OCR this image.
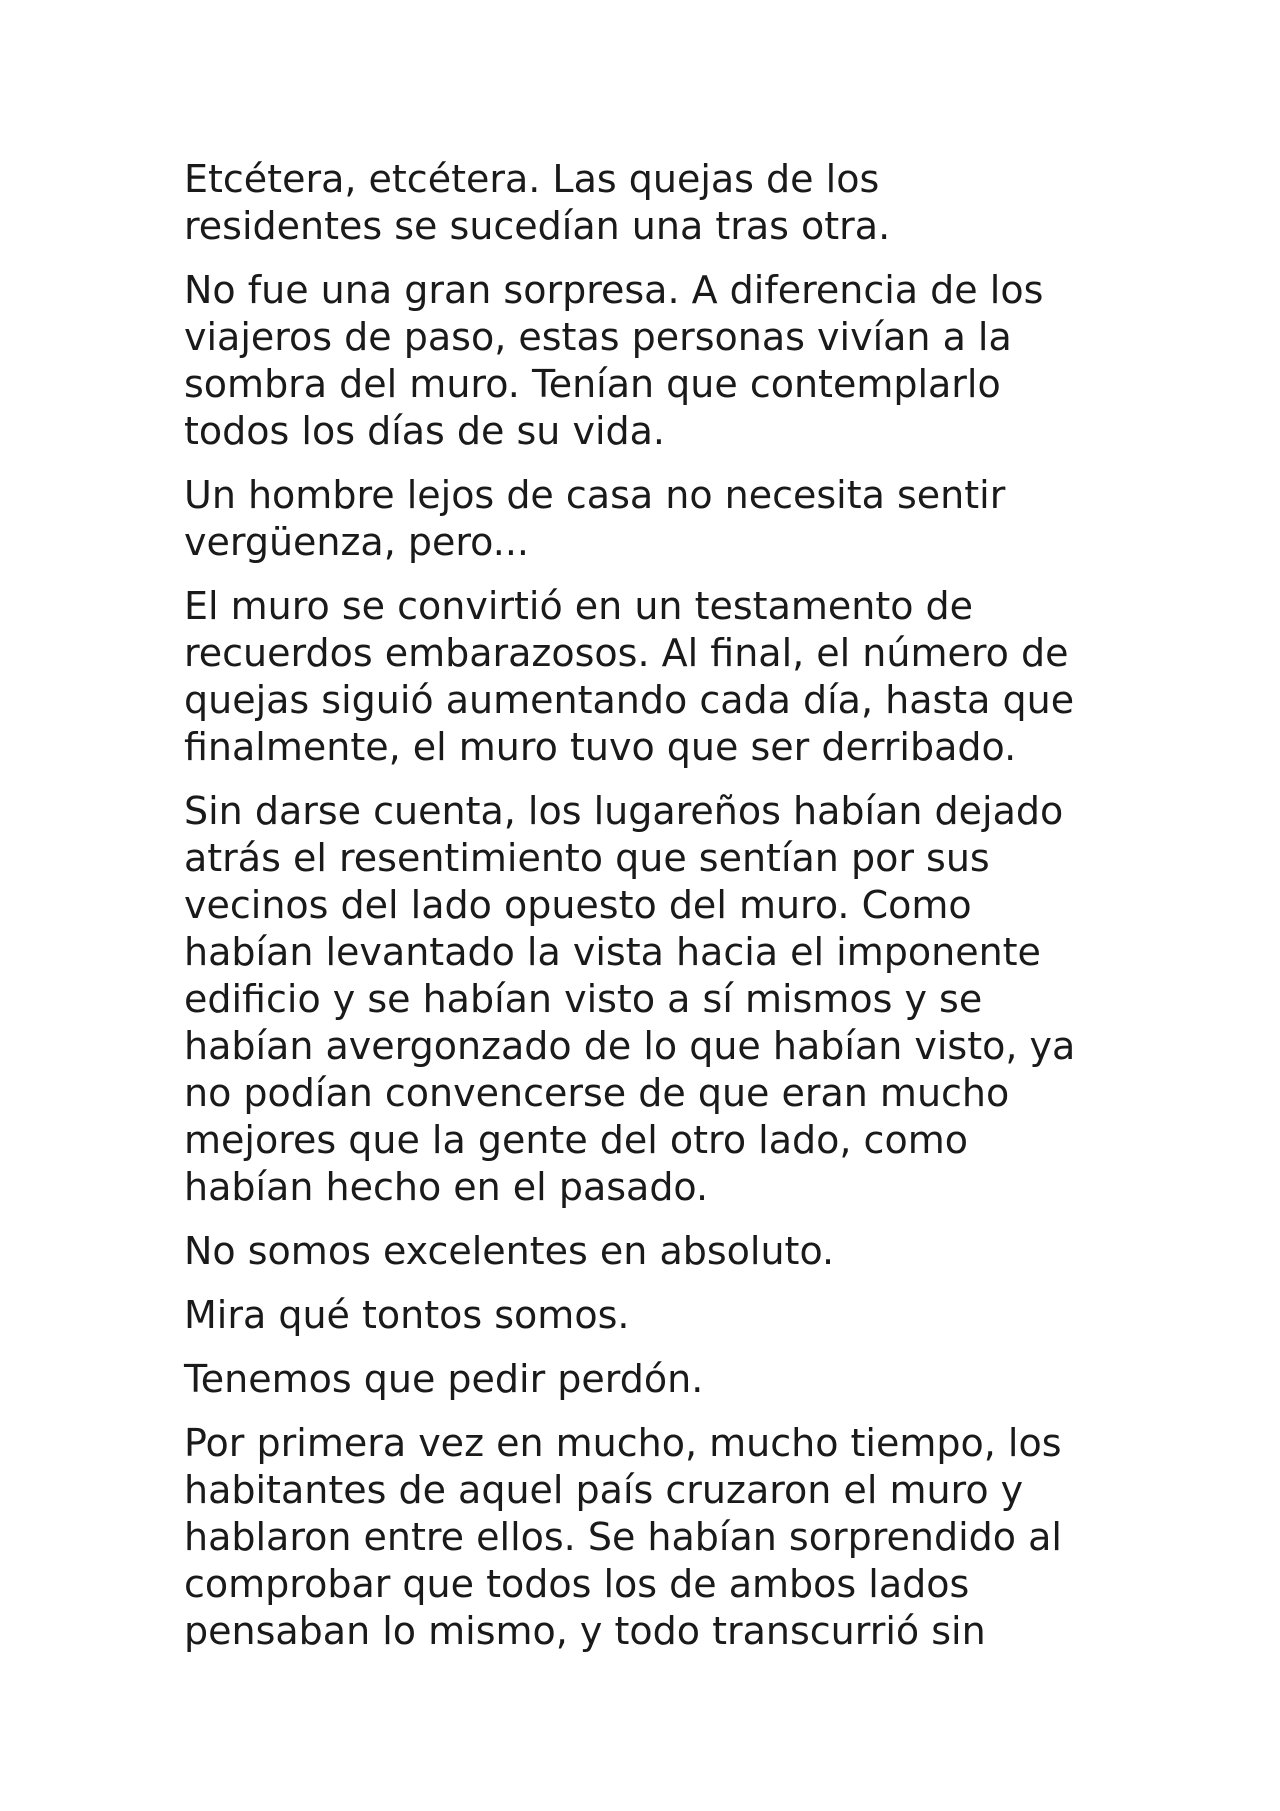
Etcétera, etcétera. Las quejas de los
residentes se sucedían una tras otra.

No fue una gran sorpresa. A diferencia de los
viajeros de paso, estas personas vivían a la
sombra del muro. Tenían que contemplarlo
todos los días de su vida.

Un hombre lejos de casa no necesita sentir
vergüenza, pero...

El muro se convirtió en un testamento de
recuerdos embarazosos. Al final, el número de
quejas siguió aumentando cada día, hasta que
finalmente, el muro tuvo que ser derribado.

Sin darse cuenta, los lugareños habían dejado
atrás el resentimiento que sentían por sus
vecinos del lado opuesto del muro. Como
habían levantado la vista hacia el imponente
edificio y se habían visto a sí mismos y se
habían avergonzado de lo que habían visto, ya
no podían convencerse de que eran mucho
mejores que la gente del otro lado, como
habían hecho en el pasado.

No somos excelentes en absoluto.

Mira qué tontos somos.

Tenemos que pedir perdón.

Por primera vez en mucho, mucho tiempo, los
habitantes de aquel país cruzaron el muro y
hablaron entre ellos. Se habían sorprendido al
comprobar que todos los de ambos lados
pensaban lo mismo, y todo transcurrió sin
